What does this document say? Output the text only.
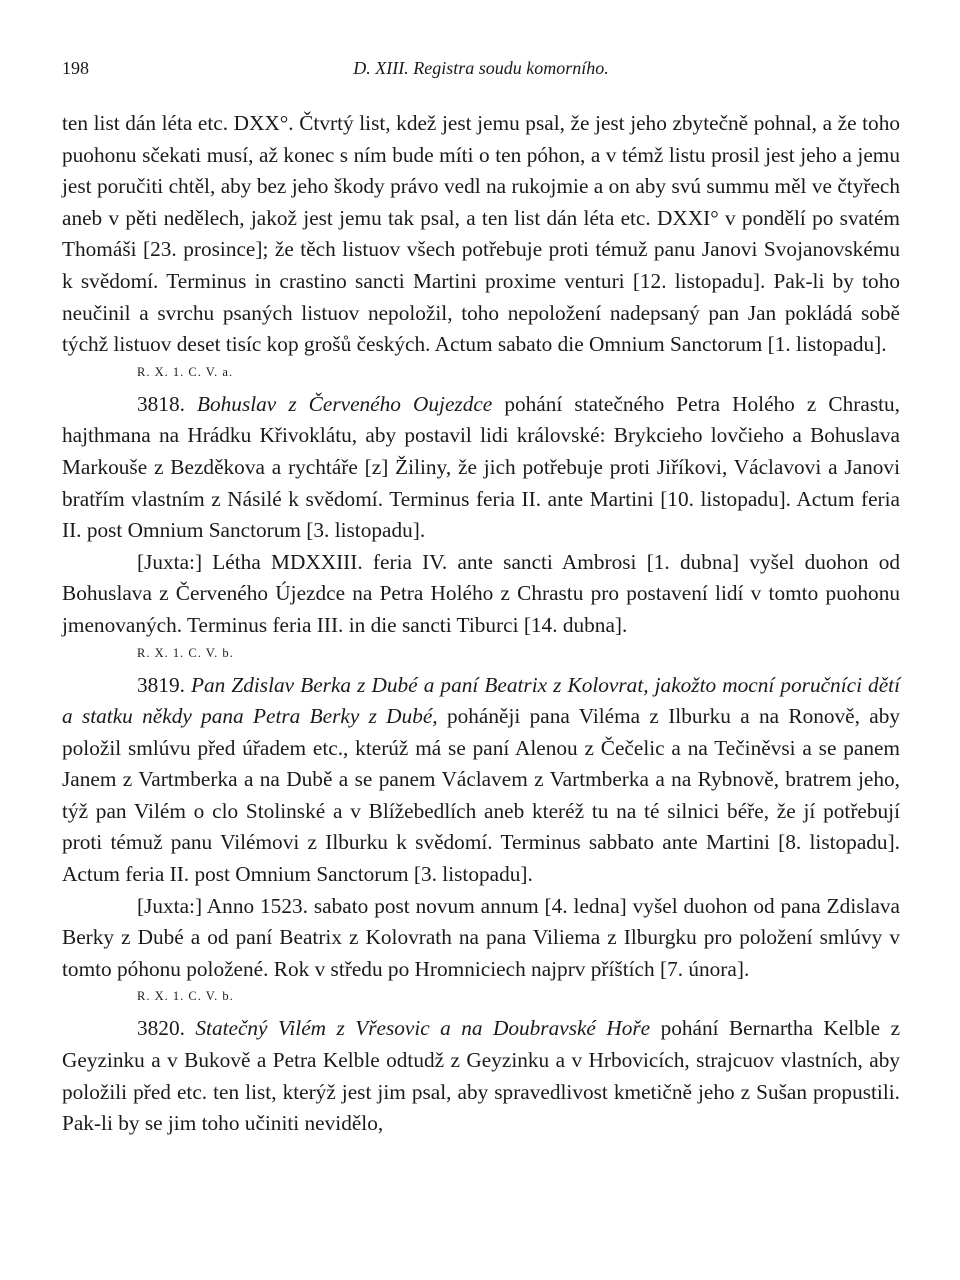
198	D. XIII. Registra soudu komorního.

ten list dán léta etc. DXX°. Čtvrtý list, kdež jest jemu psal, že jest jeho zbytečně pohnal, a že toho puohonu sčekati musí, až konec s ním bude míti o ten póhon, a v témž listu prosil jest jeho a jemu jest poručiti chtěl, aby bez jeho škody právo vedl na rukojmie a on aby svú summu měl ve čtyřech aneb v pěti nedělech, jakož jest jemu tak psal, a ten list dán léta etc. DXXI° v pondělí po svatém Thomáši [23. prosince]; že těch listuov všech potřebuje proti témuž panu Janovi Svojanovskému k svědomí. Terminus in crastino sancti Martini proxime venturi [12. listopadu]. Pak-li by toho neučinil a svrchu psaných listuov nepoložil, toho nepoložení nadepsaný pan Jan pokládá sobě týchž listuov deset tisíc kop grošů českých. Actum sabato die Omnium Sanctorum [1. listopadu].

R. X. 1. C. V. a.

3818. Bohuslav z Červeného Oujezdce pohání statečného Petra Holého z Chrastu, hajthmana na Hrádku Křivoklátu, aby postavil lidi královské: Brykcieho lovčieho a Bohuslava Markouše z Bezděkova a rychtáře [z] Žiliny, že jich potřebuje proti Jiříkovi, Václavovi a Janovi bratřím vlastním z Násilé k svědomí. Terminus feria II. ante Martini [10. listopadu]. Actum feria II. post Omnium Sanctorum [3. listopadu].

[Juxta:] Létha MDXXIII. feria IV. ante sancti Ambrosi [1. dubna] vyšel duohon od Bohuslava z Červeného Újezdce na Petra Holého z Chrastu pro postavení lidí v tomto puohonu jmenovaných. Terminus feria III. in die sancti Tiburci [14. dubna].

R. X. 1. C. V. b.

3819. Pan Zdislav Berka z Dubé a paní Beatrix z Kolovrat, jakožto mocní poručníci dětí a statku někdy pana Petra Berky z Dubé, poháněji pana Viléma z Ilburku a na Ronově, aby položil smlúvu před úřadem etc., kterúž má se paní Alenou z Čečelic a na Tečiněvsi a se panem Janem z Vartmberka a na Dubě a se panem Václavem z Vartmberka a na Rybnově, bratrem jeho, týž pan Vilém o clo Stolinské a v Blížebedlích aneb kteréž tu na té silnici béře, že jí potřebují proti témuž panu Vilémovi z Ilburku k svědomí. Terminus sabbato ante Martini [8. listopadu]. Actum feria II. post Omnium Sanctorum [3. listopadu].

[Juxta:] Anno 1523. sabato post novum annum [4. ledna] vyšel duohon od pana Zdislava Berky z Dubé a od paní Beatrix z Kolovrath na pana Viliema z Ilburgku pro položení smlúvy v tomto póhonu položené. Rok v středu po Hromniciech najprv příštích [7. února].

R. X. 1. C. V. b.

3820. Statečný Vilém z Vřesovic a na Doubravské Hoře pohání Bernartha Kelble z Geyzinku a v Bukově a Petra Kelble odtudž z Geyzinku a v Hrbovicích, strajcuov vlastních, aby položili před etc. ten list, kterýž jest jim psal, aby spravedlivost kmetičně jeho z Sušan propustili. Pak-li by se jim toho učiniti nevidělo,
